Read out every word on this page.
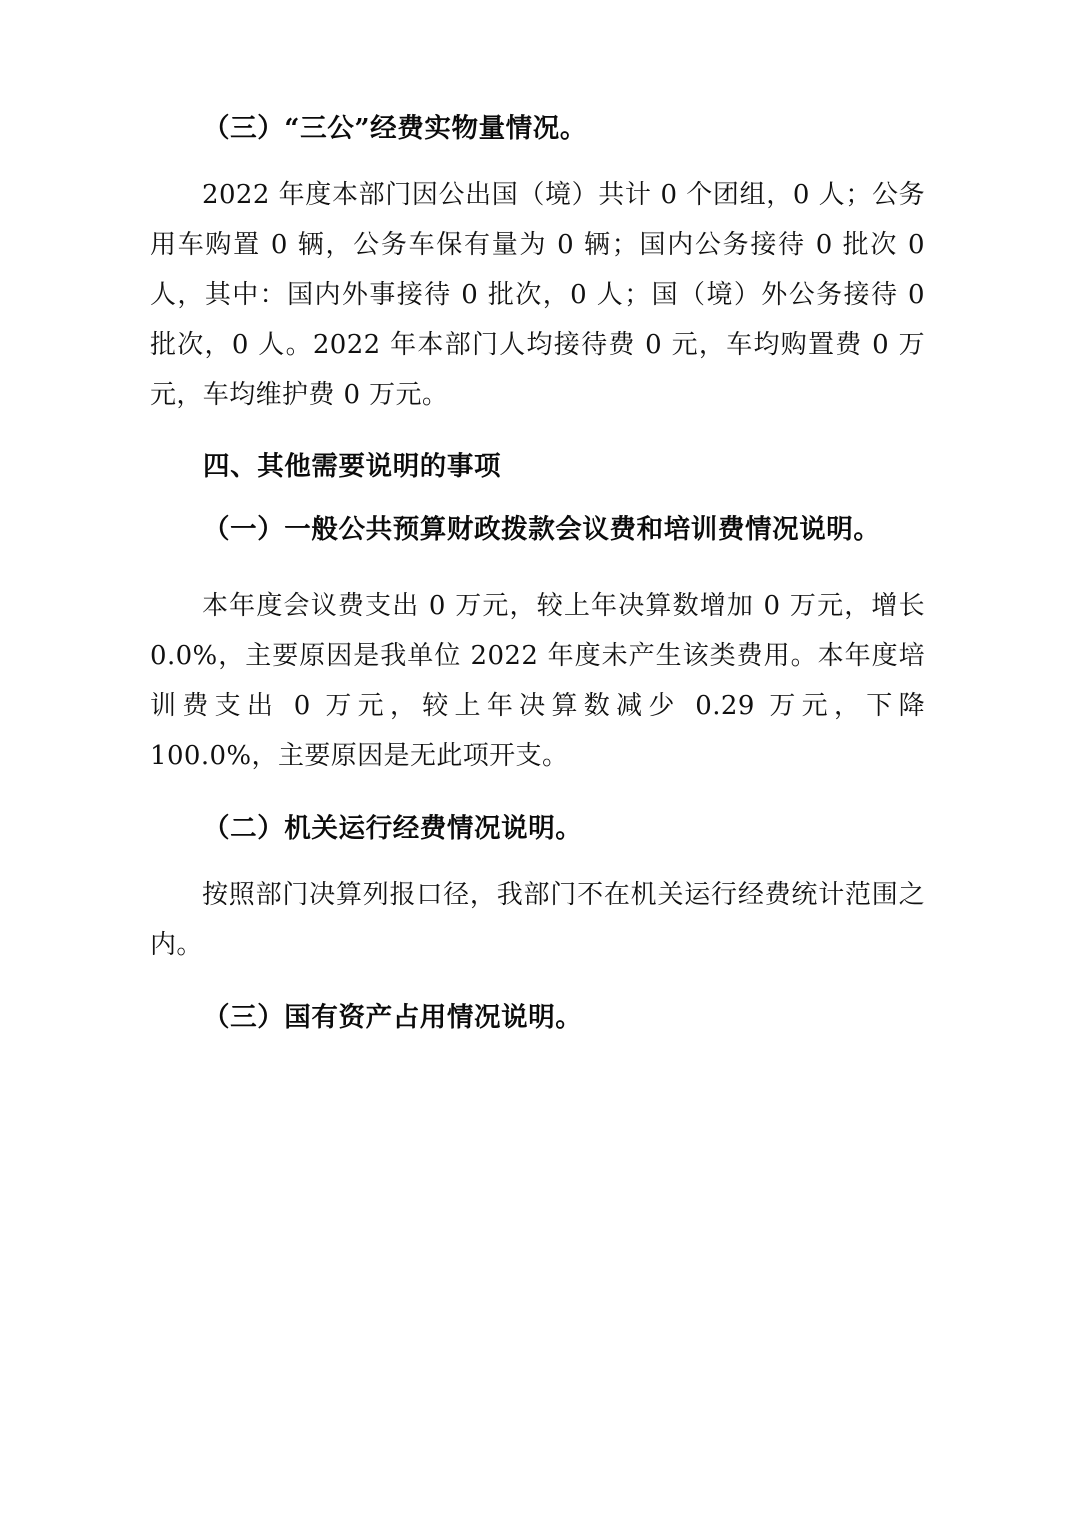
（三）“三公”经费实物量情况。

2022 年度本部门因公出国（境）共计 0 个团组，0 人；公务用车购置 0 辆，公务车保有量为 0 辆；国内公务接待 0 批次 0 人，其中：国内外事接待 0 批次，0 人；国（境）外公务接待 0 批次，0 人。2022 年本部门人均接待费 0 元，车均购置费 0 万元，车均维护费 0 万元。

四、其他需要说明的事项
（一）一般公共预算财政拨款会议费和培训费情况说明。

本年度会议费支出 0 万元，较上年决算数增加 0 万元，增长 0.0%，主要原因是我单位 2022 年度未产生该类费用。本年度培训费支出 0 万元，较上年决算数减少 0.29 万元，下降 100.0%，主要原因是无此项开支。

（二）机关运行经费情况说明。

按照部门决算列报口径，我部门不在机关运行经费统计范围之内。

（三）国有资产占用情况说明。
